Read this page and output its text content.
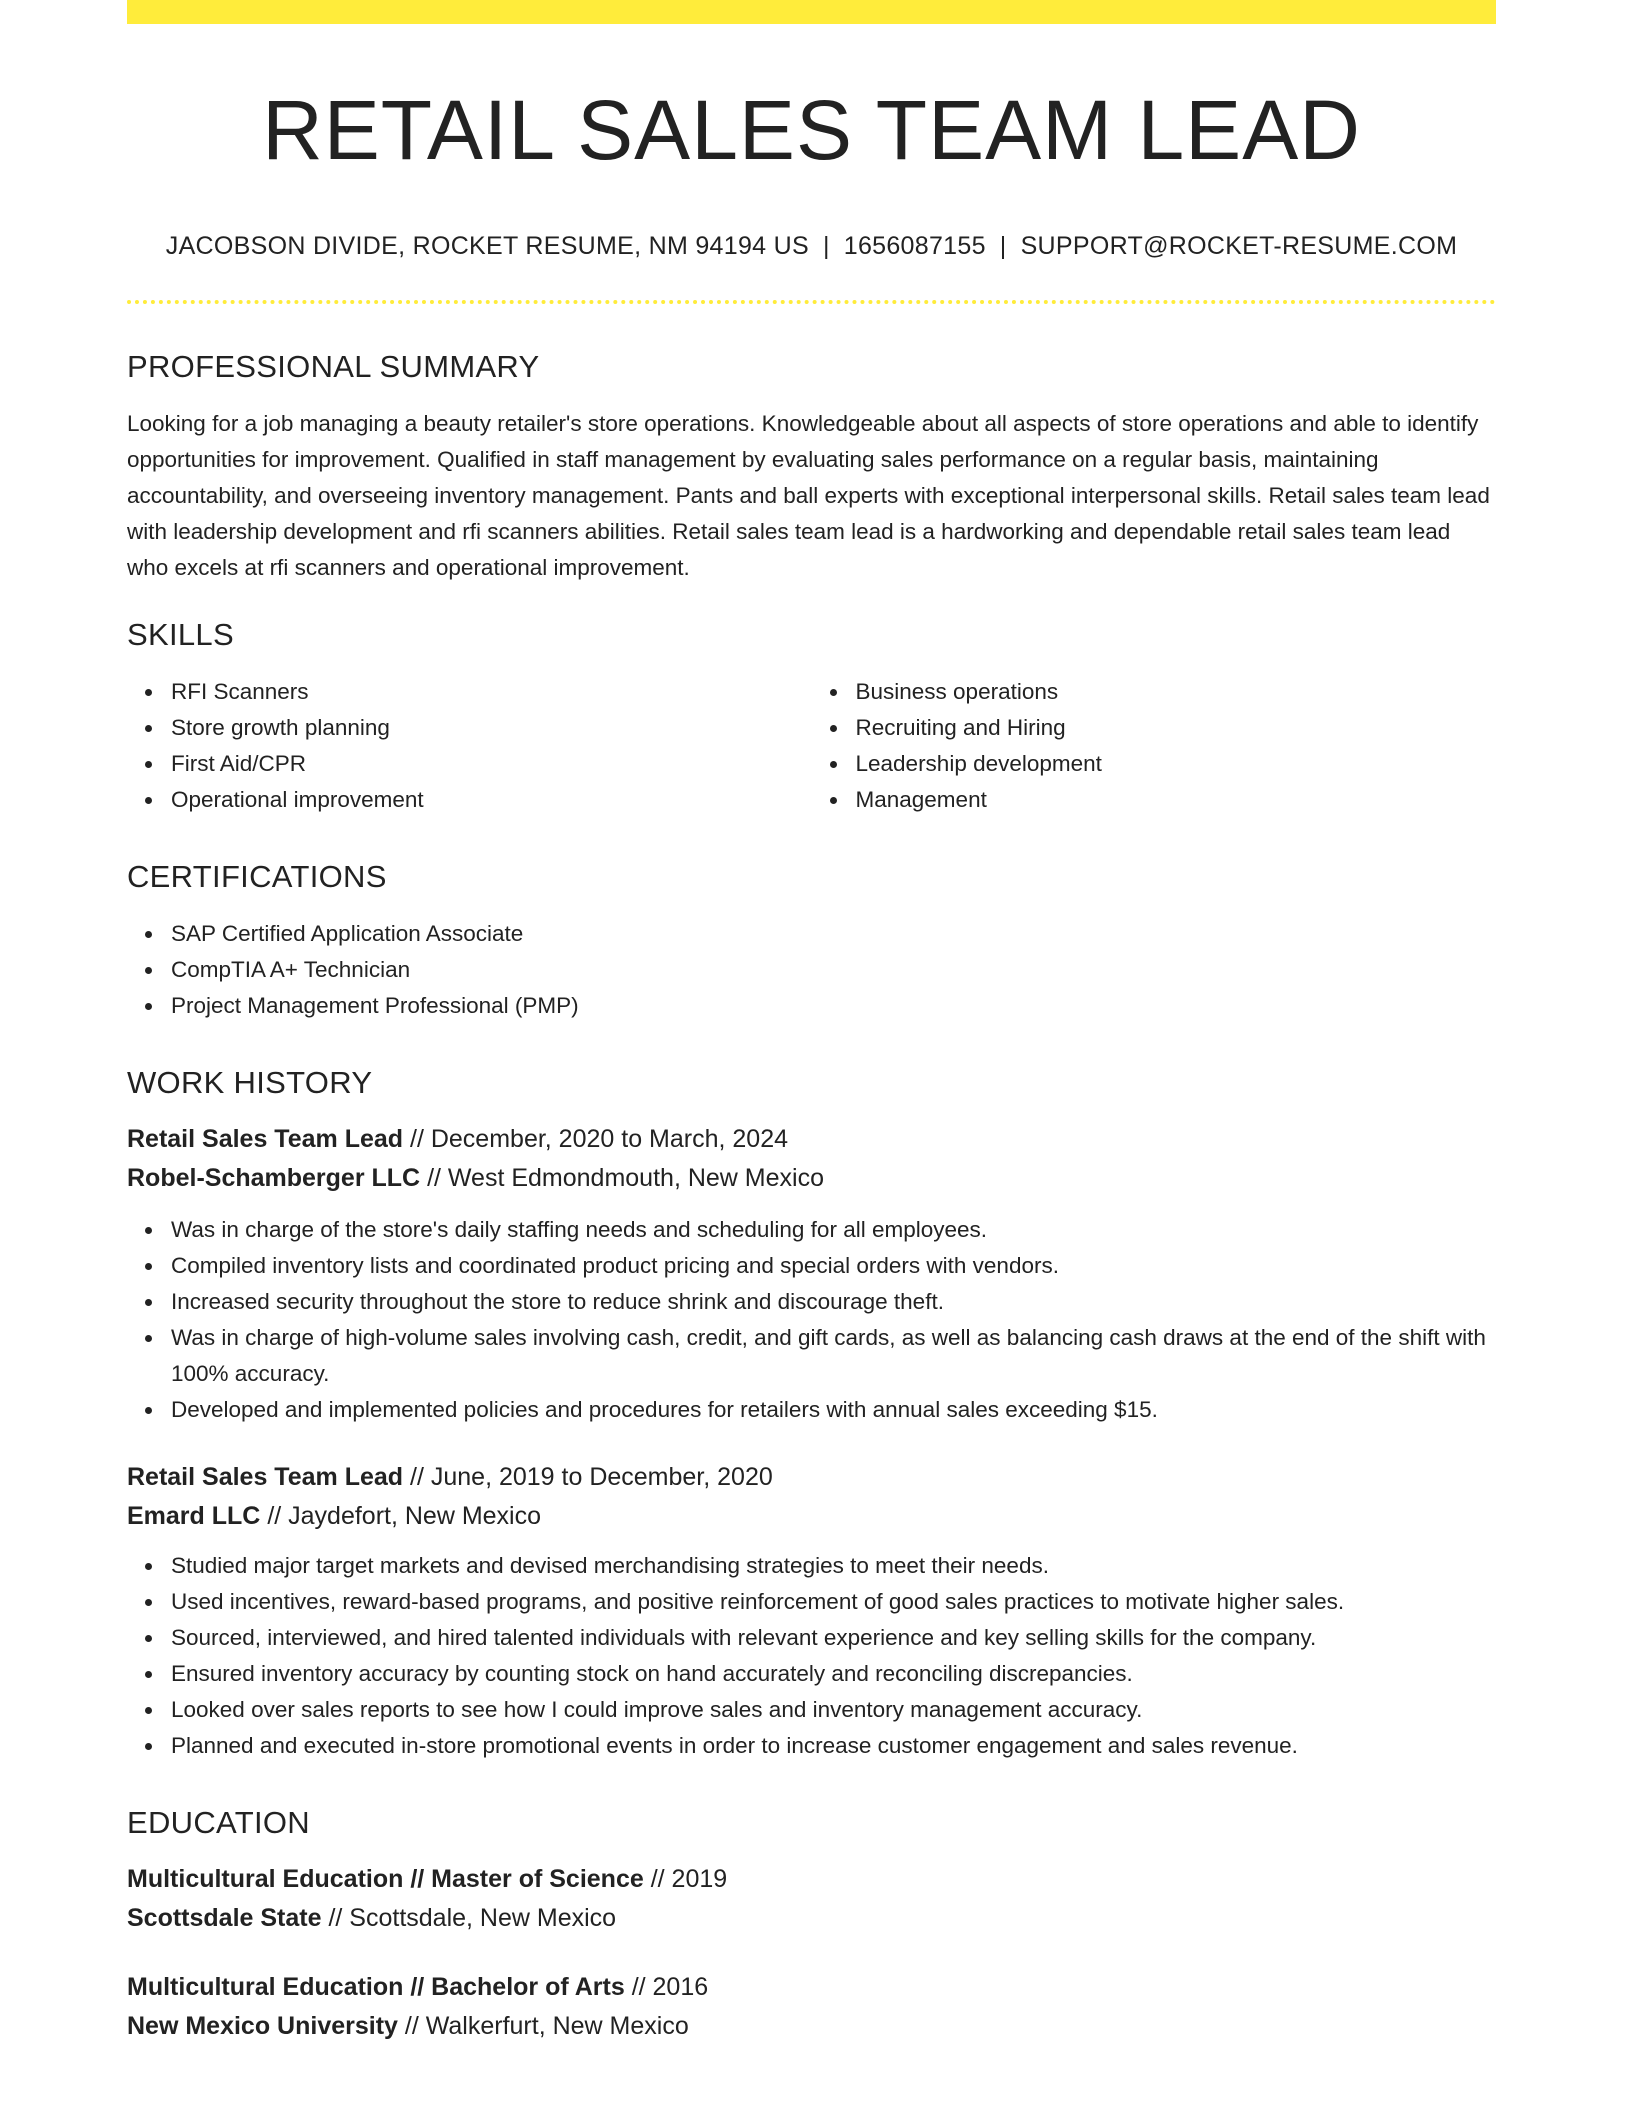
RETAIL SALES TEAM LEAD
JACOBSON DIVIDE, ROCKET RESUME, NM 94194 US | 1656087155 | SUPPORT@ROCKET-RESUME.COM
PROFESSIONAL SUMMARY

Looking for a job managing a beauty retailer's store operations. Knowledgeable about all aspects of store operations and able to identify opportunities for improvement. Qualified in staff management by evaluating sales performance on a regular basis, maintaining accountability, and overseeing inventory management. Pants and ball experts with exceptional interpersonal skills. Retail sales team lead with leadership development and rfi scanners abilities. Retail sales team lead is a hardworking and dependable retail sales team lead who excels at rfi scanners and operational improvement.

SKILLS
RFI Scanners
Store growth planning
First Aid/CPR
Operational improvement
Business operations
Recruiting and Hiring
Leadership development
Management
CERTIFICATIONS
SAP Certified Application Associate
CompTIA A+ Technician
Project Management Professional (PMP)
WORK HISTORY
Retail Sales Team Lead // December, 2020 to March, 2024
Robel-Schamberger LLC // West Edmondmouth, New Mexico
Was in charge of the store's daily staffing needs and scheduling for all employees.
Compiled inventory lists and coordinated product pricing and special orders with vendors.
Increased security throughout the store to reduce shrink and discourage theft.
Was in charge of high-volume sales involving cash, credit, and gift cards, as well as balancing cash draws at the end of the shift with 100% accuracy.
Developed and implemented policies and procedures for retailers with annual sales exceeding $15.
Retail Sales Team Lead // June, 2019 to December, 2020
Emard LLC // Jaydefort, New Mexico
Studied major target markets and devised merchandising strategies to meet their needs.
Used incentives, reward-based programs, and positive reinforcement of good sales practices to motivate higher sales.
Sourced, interviewed, and hired talented individuals with relevant experience and key selling skills for the company.
Ensured inventory accuracy by counting stock on hand accurately and reconciling discrepancies.
Looked over sales reports to see how I could improve sales and inventory management accuracy.
Planned and executed in-store promotional events in order to increase customer engagement and sales revenue.
EDUCATION
Multicultural Education // Master of Science // 2019
Scottsdale State // Scottsdale, New Mexico
Multicultural Education // Bachelor of Arts // 2016
New Mexico University // Walkerfurt, New Mexico
